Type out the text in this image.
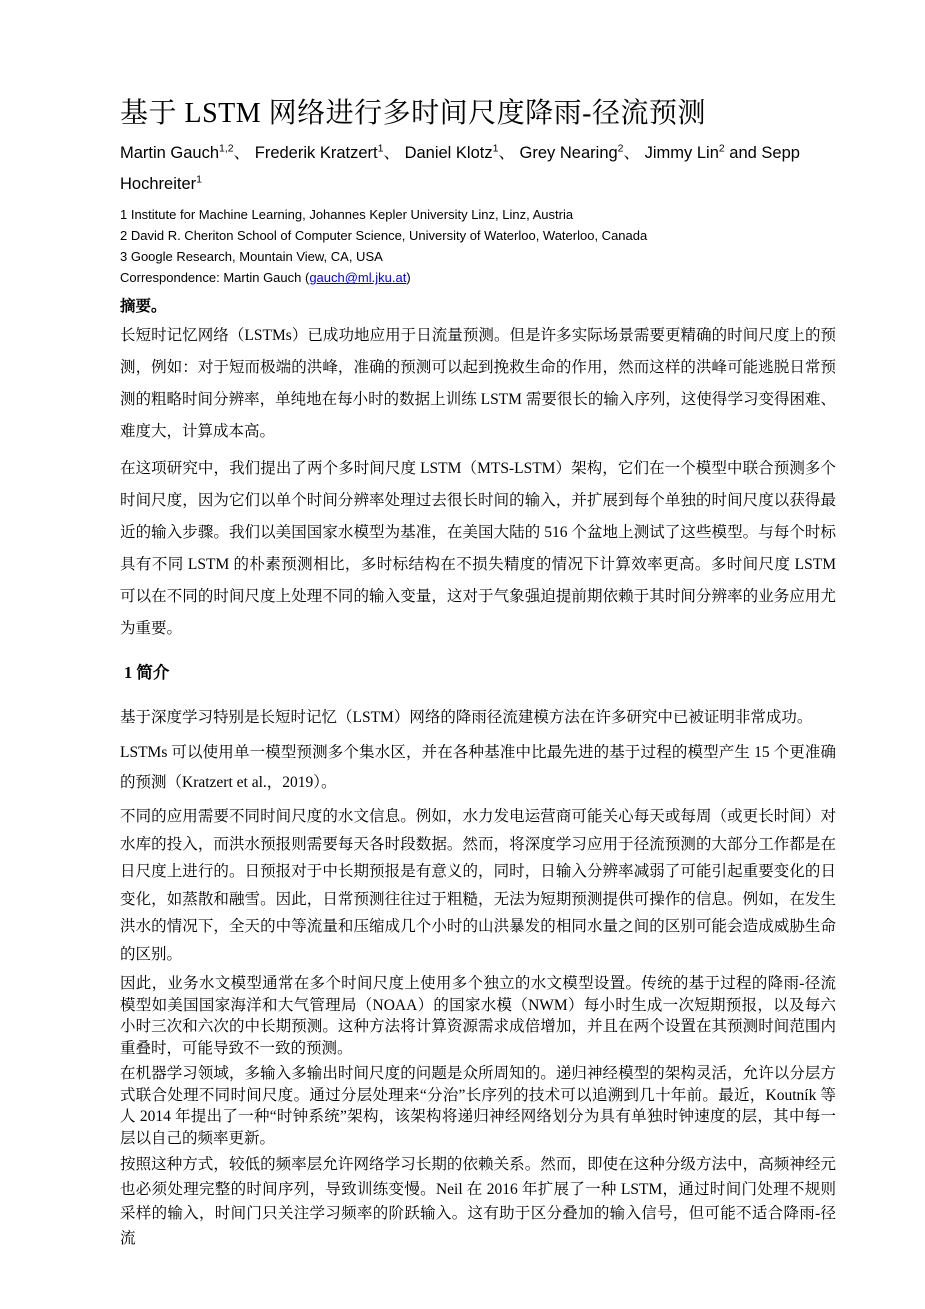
基于 LSTM 网络进行多时间尺度降雨-径流预测
Martin Gauch$^{1,2}$、 Frederik Kratzert$^1$、 Daniel Klotz$^1$、 Grey Nearing$^2$、 Jimmy Lin$^2$ and Sepp Hochreiter$^1$
1 Institute for Machine Learning, Johannes Kepler University Linz, Linz, Austria
2 David R. Cheriton School of Computer Science, University of Waterloo, Waterloo, Canada
3 Google Research, Mountain View, CA, USA
Correspondence: Martin Gauch (gauch@ml.jku.at)
摘要。

长短时记忆网络（LSTMs）已成功地应用于日流量预测。但是许多实际场景需要更精确的时间尺度上的预测，例如：对于短而极端的洪峰，准确的预测可以起到挽救生命的作用，然而这样的洪峰可能逃脱日常预测的粗略时间分辨率，单纯地在每小时的数据上训练 LSTM 需要很长的输入序列，这使得学习变得困难、难度大，计算成本高。

在这项研究中，我们提出了两个多时间尺度 LSTM（MTS-LSTM）架构，它们在一个模型中联合预测多个时间尺度，因为它们以单个时间分辨率处理过去很长时间的输入，并扩展到每个单独的时间尺度以获得最近的输入步骤。我们以美国国家水模型为基准，在美国大陆的 516 个盆地上测试了这些模型。与每个时标具有不同 LSTM 的朴素预测相比，多时标结构在不损失精度的情况下计算效率更高。多时间尺度 LSTM 可以在不同的时间尺度上处理不同的输入变量，这对于气象强迫提前期依赖于其时间分辨率的业务应用尤为重要。

1 简介

基于深度学习特别是长短时记忆（LSTM）网络的降雨径流建模方法在许多研究中已被证明非常成功。

LSTMs 可以使用单一模型预测多个集水区，并在各种基准中比最先进的基于过程的模型产生 15 个更准确的预测（Kratzert et al.，2019）。

不同的应用需要不同时间尺度的水文信息。例如，水力发电运营商可能关心每天或每周（或更长时间）对水库的投入，而洪水预报则需要每天各时段数据。然而，将深度学习应用于径流预测的大部分工作都是在日尺度上进行的。日预报对于中长期预报是有意义的，同时，日输入分辨率减弱了可能引起重要变化的日变化，如蒸散和融雪。因此，日常预测往往过于粗糙，无法为短期预测提供可操作的信息。例如，在发生洪水的情况下，全天的中等流量和压缩成几个小时的山洪暴发的相同水量之间的区别可能会造成威胁生命的区别。

因此，业务水文模型通常在多个时间尺度上使用多个独立的水文模型设置。传统的基于过程的降雨-径流模型如美国国家海洋和大气管理局（NOAA）的国家水模（NWM）每小时生成一次短期预报，以及每六小时三次和六次的中长期预测。这种方法将计算资源需求成倍增加，并且在两个设置在其预测时间范围内重叠时，可能导致不一致的预测。

在机器学习领域，多输入多输出时间尺度的问题是众所周知的。递归神经模型的架构灵活，允许以分层方式联合处理不同时间尺度。通过分层处理来“分治”长序列的技术可以追溯到几十年前。最近，Koutník 等人 2014 年提出了一种“时钟系统”架构，该架构将递归神经网络划分为具有单独时钟速度的层，其中每一层以自己的频率更新。

按照这种方式，较低的频率层允许网络学习长期的依赖关系。然而，即使在这种分级方法中，高频神经元也必须处理完整的时间序列，导致训练变慢。Neil 在 2016 年扩展了一种 LSTM，通过时间门处理不规则采样的输入，时间门只关注学习频率的阶跃输入。这有助于区分叠加的输入信号，但可能不适合降雨-径流
